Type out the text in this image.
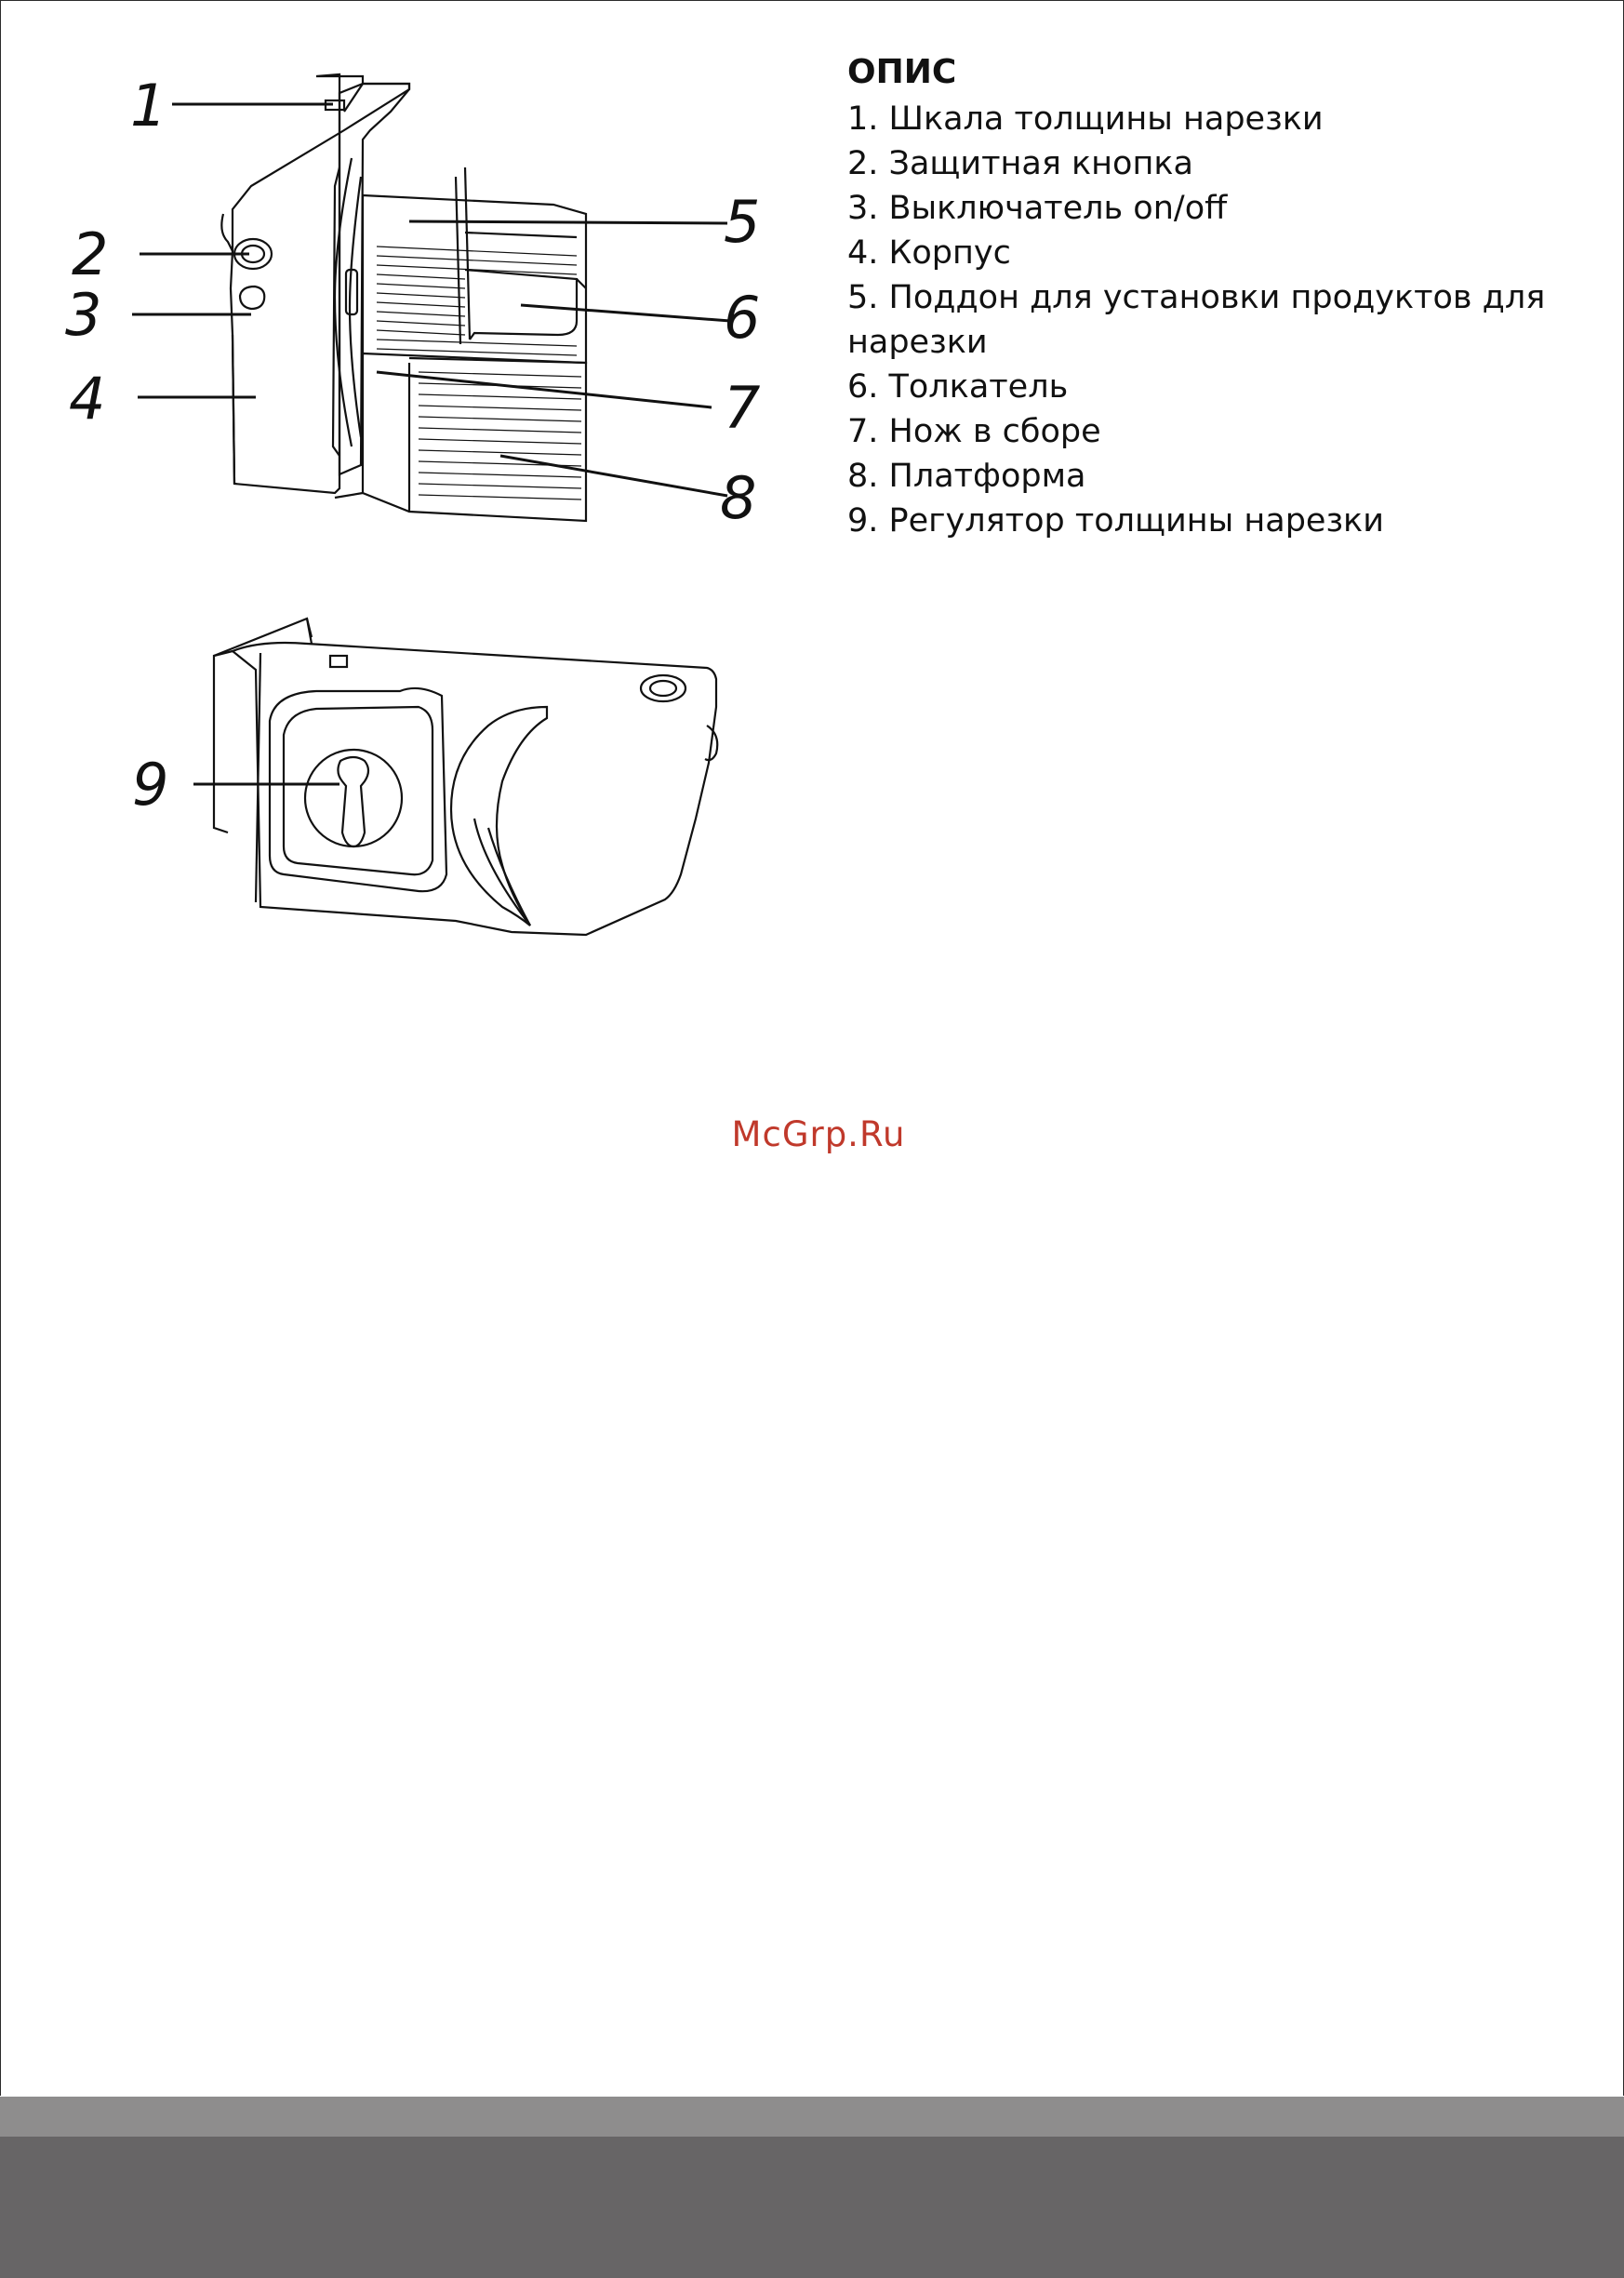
1
2
3
4
5
6
7
8
9
ОПИС
1. Шкала толщины нарезки
2. Защитная кнопка
3. Выключатель on/off
4. Корпус
5. Поддон для установки продуктов для нарезки
6. Толкатель
7. Нож в сборе
8. Платформа
9. Регулятор толщины нарезки
McGrp.Ru
